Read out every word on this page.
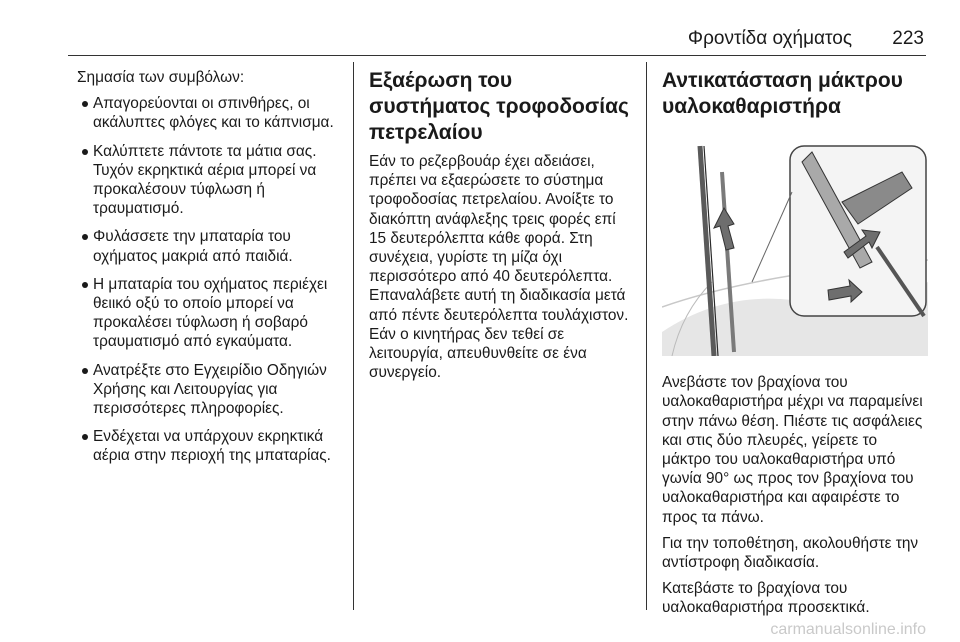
Φροντίδα οχήματος 223

Σημασία των συμβόλων:

Απαγορεύονται οι σπινθήρες, οι ακάλυπτες φλόγες και το κάπνισμα.
Καλύπτετε πάντοτε τα μάτια σας. Τυχόν εκρηκτικά αέρια μπορεί να προκαλέσουν τύφλωση ή τραυματισμό.
Φυλάσσετε την μπαταρία του οχήματος μακριά από παιδιά.
Η μπαταρία του οχήματος περιέχει θειικό οξύ το οποίο μπορεί να προκαλέσει τύφλωση ή σοβαρό τραυματισμό από εγκαύματα.
Ανατρέξτε στο Εγχειρίδιο Οδηγιών Χρήσης και Λειτουργίας για περισσότερες πληροφορίες.
Ενδέχεται να υπάρχουν εκρηκτικά αέρια στην περιοχή της μπαταρίας.
Εξαέρωση του συστήματος τροφοδοσίας πετρελαίου

Εάν το ρεζερβουάρ έχει αδειάσει, πρέπει να εξαερώσετε το σύστημα τροφοδοσίας πετρελαίου. Ανοίξτε το διακόπτη ανάφλεξης τρεις φορές επί 15 δευτερόλεπτα κάθε φορά. Στη συνέχεια, γυρίστε τη μίζα όχι περισσότερο από 40 δευτερόλεπτα. Επαναλάβετε αυτή τη διαδικασία μετά από πέντε δευτερόλεπτα τουλάχιστον. Εάν ο κινητήρας δεν τεθεί σε λειτουργία, απευθυνθείτε σε ένα συνεργείο.

Αντικατάσταση μάκτρου υαλοκαθαριστήρα

Ανεβάστε τον βραχίονα του υαλοκαθαριστήρα μέχρι να παραμείνει στην πάνω θέση. Πιέστε τις ασφάλειες και στις δύο πλευρές, γείρετε το μάκτρο του υαλοκαθαριστήρα υπό γωνία 90° ως προς τον βραχίονα του υαλοκαθαριστήρα και αφαιρέστε το προς τα πάνω.

Για την τοποθέτηση, ακολουθήστε την αντίστροφη διαδικασία.

Κατεβάστε το βραχίονα του υαλοκαθαριστήρα προσεκτικά.

carmanualsonline.info
